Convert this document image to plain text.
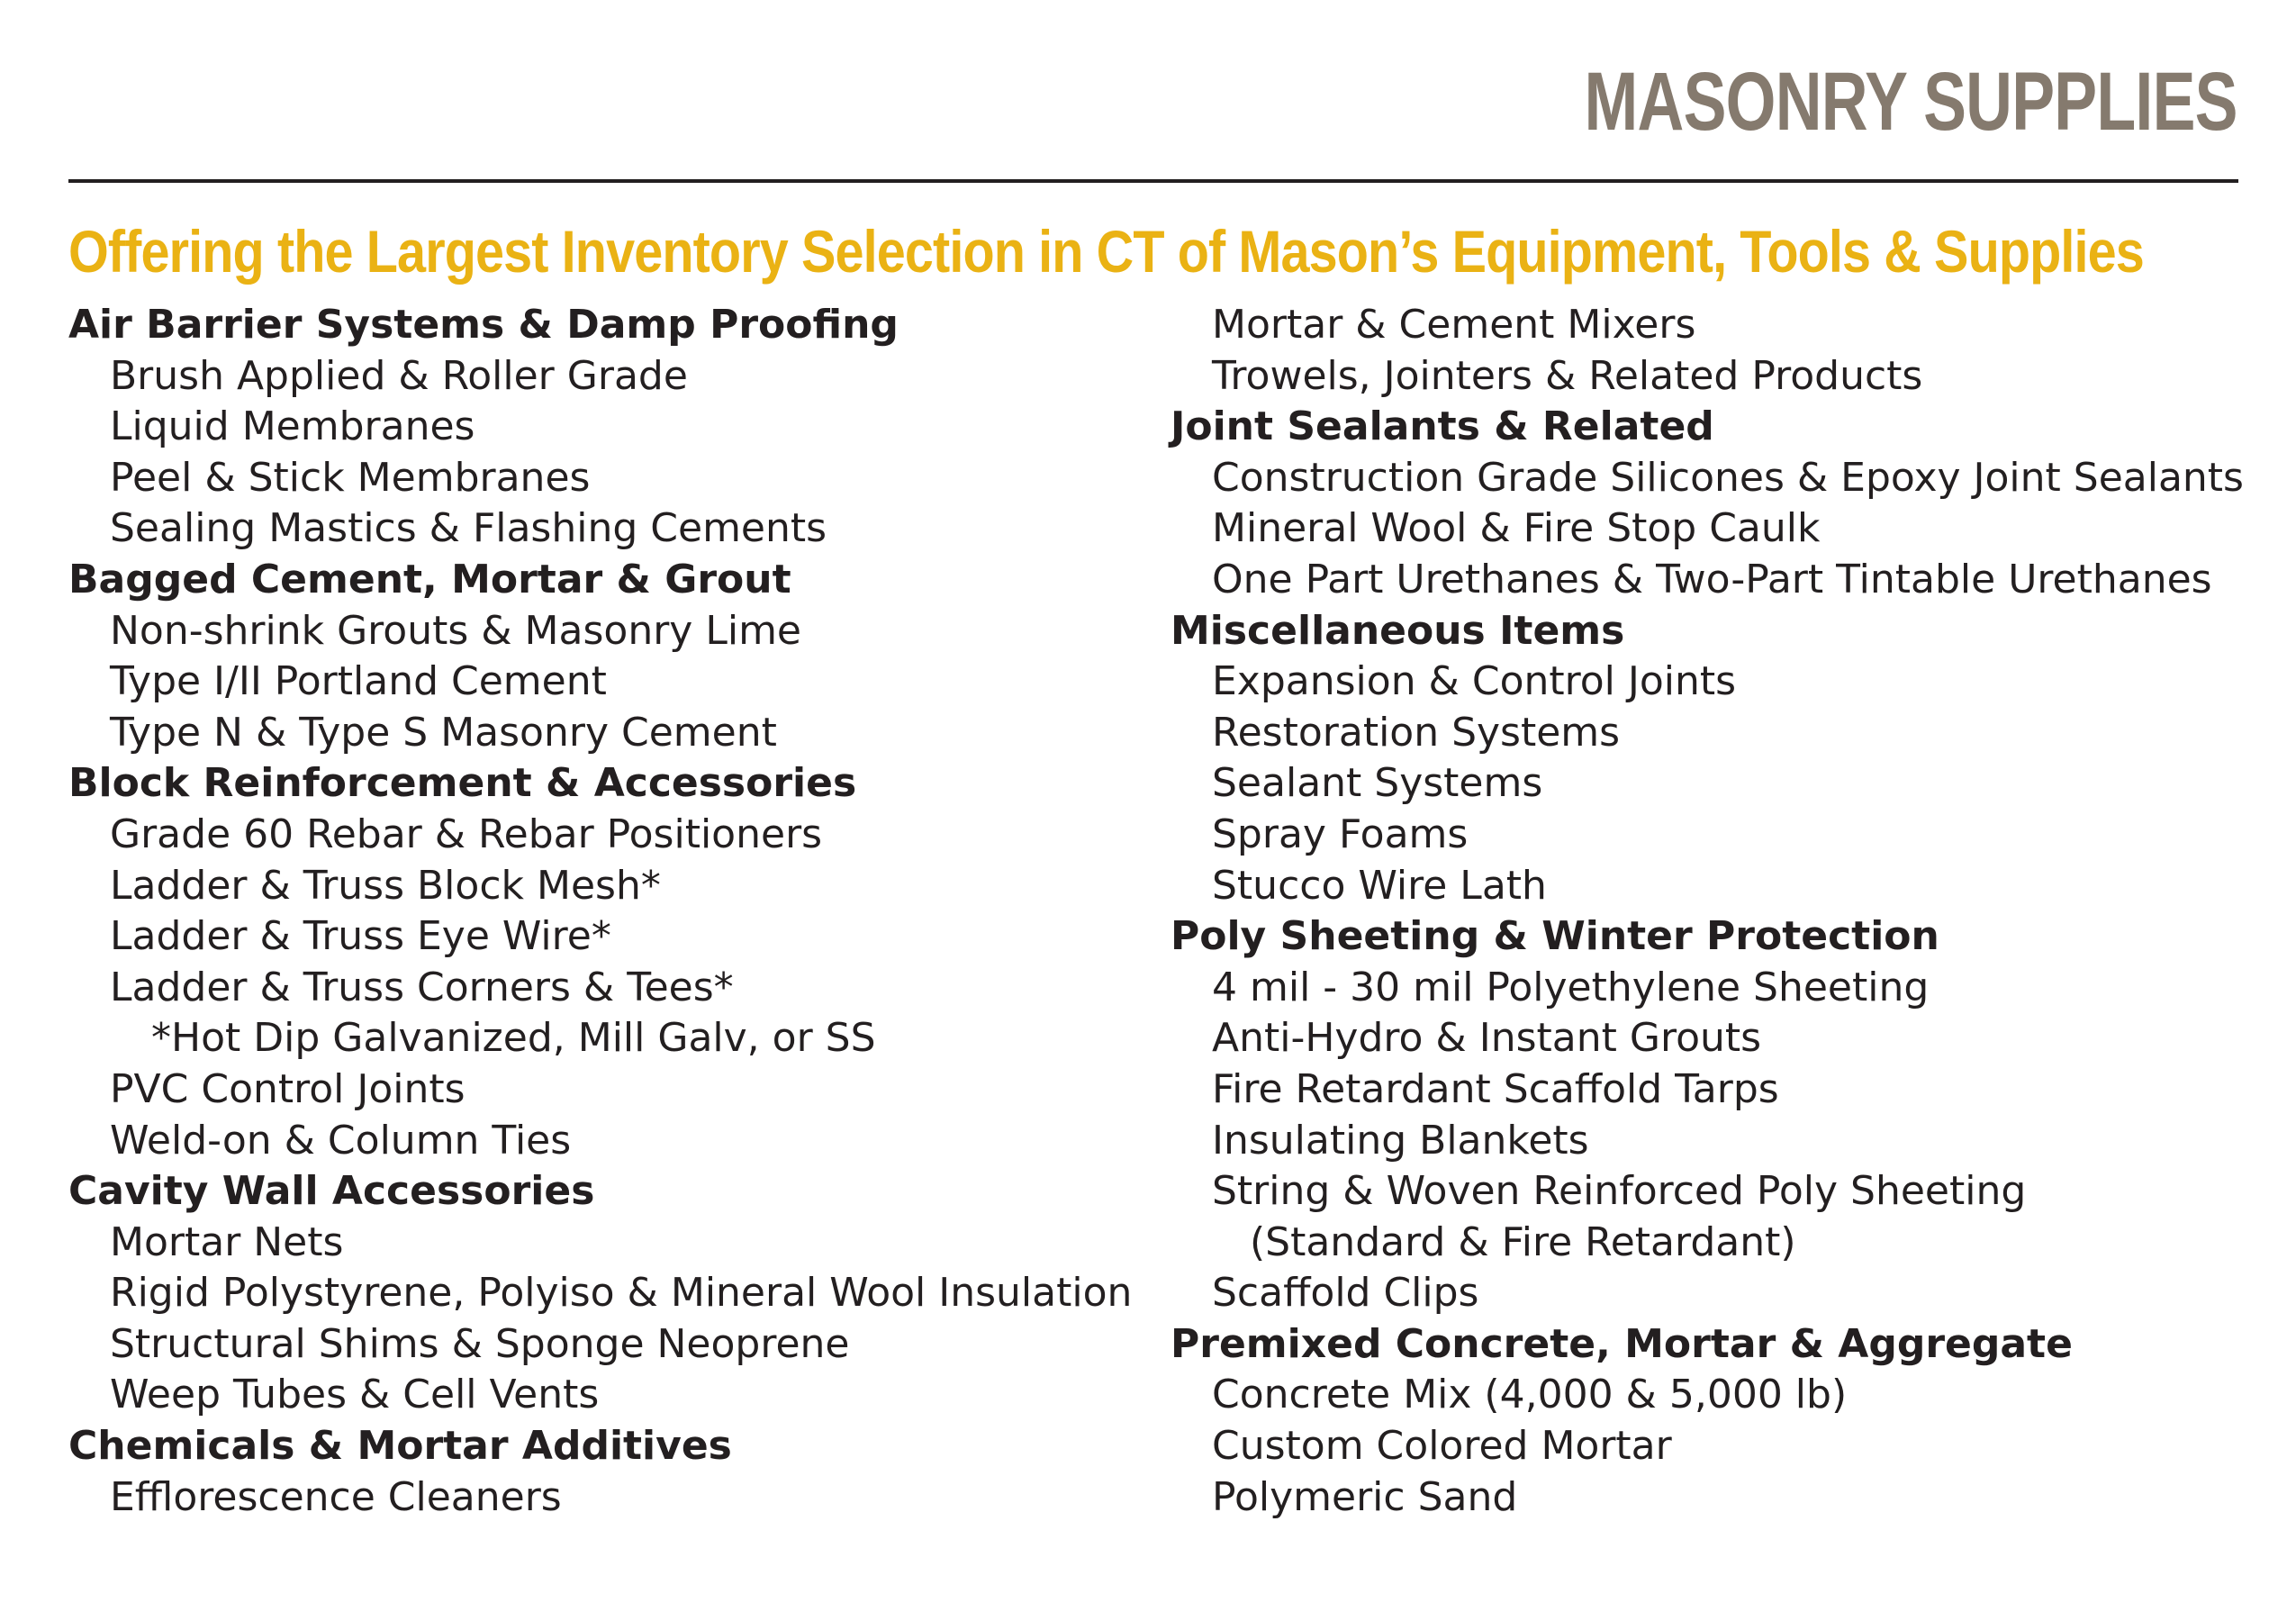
MASONRY SUPPLIES
Offering the Largest Inventory Selection in CT of Mason’s Equipment, Tools & Supplies
Air Barrier Systems & Damp Proofing
Brush Applied & Roller Grade
Liquid Membranes
Peel & Stick Membranes
Sealing Mastics & Flashing Cements
Bagged Cement, Mortar & Grout
Non-shrink Grouts & Masonry Lime
Type I/II Portland Cement
Type N & Type S Masonry Cement
Block Reinforcement & Accessories
Grade 60 Rebar & Rebar Positioners
Ladder & Truss Block Mesh*
Ladder & Truss Eye Wire*
Ladder & Truss Corners & Tees*
*Hot Dip Galvanized, Mill Galv, or SS
PVC Control Joints
Weld-on & Column Ties
Cavity Wall Accessories
Mortar Nets
Rigid Polystyrene, Polyiso & Mineral Wool Insulation
Structural Shims & Sponge Neoprene
Weep Tubes & Cell Vents
Chemicals & Mortar Additives
Efflorescence Cleaners
Mortar & Cement Mixers
Trowels, Jointers & Related Products
Joint Sealants & Related
Construction Grade Silicones & Epoxy Joint Sealants
Mineral Wool & Fire Stop Caulk
One Part Urethanes & Two-Part Tintable Urethanes
Miscellaneous Items
Expansion & Control Joints
Restoration Systems
Sealant Systems
Spray Foams
Stucco Wire Lath
Poly Sheeting & Winter Protection
4 mil - 30 mil Polyethylene Sheeting
Anti-Hydro & Instant Grouts
Fire Retardant Scaffold Tarps
Insulating Blankets
String & Woven Reinforced Poly Sheeting
(Standard & Fire Retardant)
Scaffold Clips
Premixed Concrete, Mortar & Aggregate
Concrete Mix (4,000 & 5,000 lb)
Custom Colored Mortar
Polymeric Sand
